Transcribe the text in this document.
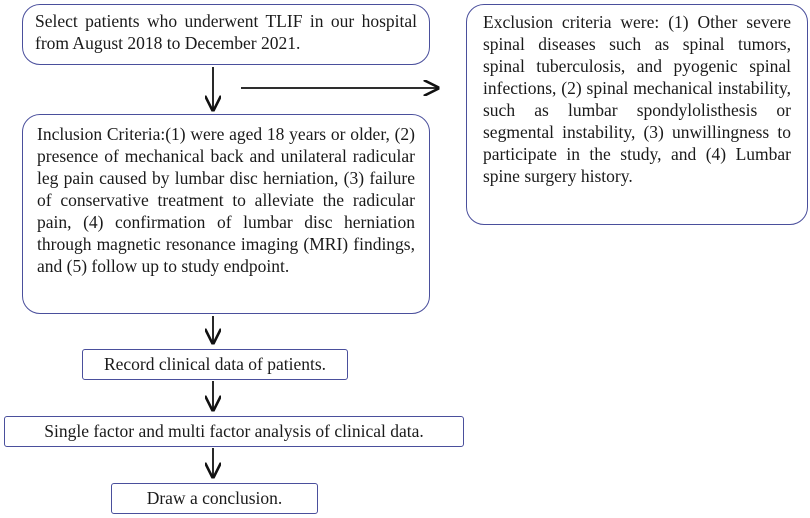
Select patients who underwent TLIF in our hospital from August 2018 to December 2021.
Inclusion Criteria:(1) were aged 18 years or older, (2) presence of mechanical back and unilateral radicular leg pain caused by lumbar disc herniation, (3) failure of conservative treatment to alleviate the radicular pain, (4) confirmation of lumbar disc herniation through magnetic resonance imaging (MRI) findings, and (5) follow up to study endpoint.
Exclusion criteria were: (1) Other severe spinal diseases such as spinal tumors, spinal tuberculosis, and pyogenic spinal infections, (2) spinal mechanical instability, such as lumbar spondylolisthesis or segmental instability, (3) unwillingness to participate in the study, and (4) Lumbar spine surgery history.
Record clinical data of patients.
Single factor and multi factor analysis of clinical data.
Draw a conclusion.
